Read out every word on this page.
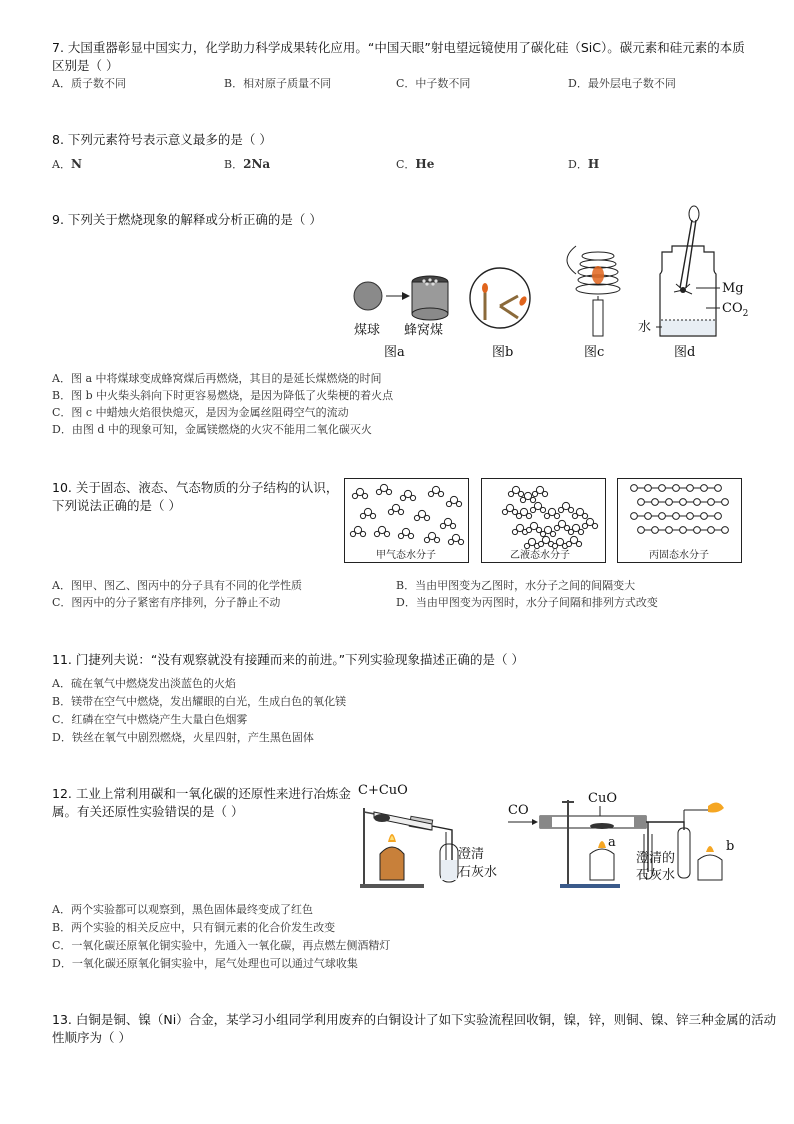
7. 大国重器彰显中国实力，化学助力科学成果转化应用。“中国天眼”射电望远镜使用了碳化硅（SiC）。碳元素和硅元素的本质
区别是（ ）
A．质子数不同	B．相对原子质量不同	C．中子数不同	D．最外层电子数不同
8. 下列元素符号表示意义最多的是（ ）
A．N	B．2Na	C．He	D．H
9. 下列关于燃烧现象的解释或分析正确的是（ ）
煤球 蜂窝煤
图a	图b	图c
Mg
$CO_2$
水
图d
A．图 a 中将煤球变成蜂窝煤后再燃烧，其目的是延长煤燃烧的时间
B．图 b 中火柴头斜向下时更容易燃烧，是因为降低了火柴梗的着火点
C．图 c 中蜡烛火焰很快熄灭，是因为金属丝阻碍空气的流动
D．由图 d 中的现象可知，金属镁燃烧的火灾不能用二氧化碳灭火
10. 关于固态、液态、气态物质的分子结构的认识，
下列说法正确的是（ ）
甲气态水分子	乙液态水分子	丙固态水分子
A．图甲、图乙、图丙中的分子具有不同的化学性质	B．当由甲图变为乙图时，水分子之间的间隔变大
C．图丙中的分子紧密有序排列，分子静止不动	D．当由甲图变为丙图时，水分子间隔和排列方式改变
11. 门捷列夫说：“没有观察就没有接踵而来的前进。”下列实验现象描述正确的是（ ）
A．硫在氧气中燃烧发出淡蓝色的火焰
B．镁带在空气中燃烧，发出耀眼的白光，生成白色的氧化镁
C．红磷在空气中燃烧产生大量白色烟雾
D．铁丝在氧气中剧烈燃烧，火星四射，产生黑色固体
12. 工业上常利用碳和一氧化碳的还原性来进行冶炼金
属。有关还原性实验错误的是（ ）
C+CuO
澄清
石灰水
CO
CuO
a	b
澄清的
石灰水
A．两个实验都可以观察到，黑色固体最终变成了红色
B．两个实验的相关反应中，只有铜元素的化合价发生改变
C．一氧化碳还原氧化铜实验中，先通入一氧化碳，再点燃左侧酒精灯
D．一氧化碳还原氧化铜实验中，尾气处理也可以通过气球收集
13. 白铜是铜、镍（Ni）合金，某学习小组同学利用废弃的白铜设计了如下实验流程回收铜，镍，锌，则铜、镍、锌三种金属的活动
性顺序为（ ）
